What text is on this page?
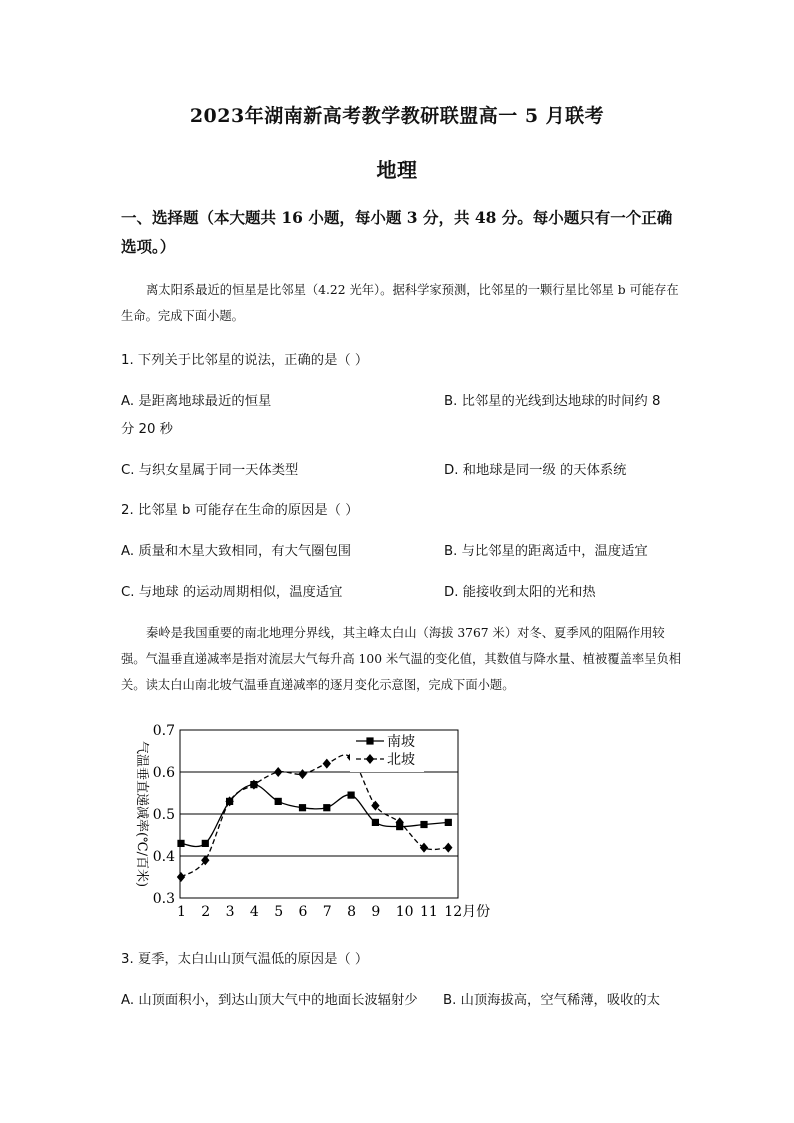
2023年湖南新高考教学教研联盟高一 5 月联考
地理
一、选择题（本大题共 16 小题，每小题 3 分，共 48 分。每小题只有一个正确选项。）
离太阳系最近的恒星是比邻星（4.22 光年）。据科学家预测，比邻星的一颗行星比邻星 b 可能存在生命。完成下面小题。
1. 下列关于比邻星的说法，正确的是（ ）
A. 是距离地球最近的恒星	B. 比邻星的光线到达地球的时间约 8
分 20 秒
C. 与织女星属于同一天体类型	D. 和地球是同一级 的天体系统
2. 比邻星 b 可能存在生命的原因是（ ）
A. 质量和木星大致相同，有大气圈包围	B. 与比邻星的距离适中，温度适宜
C. 与地球 的运动周期相似，温度适宜	D. 能接收到太阳的光和热
秦岭是我国重要的南北地理分界线，其主峰太白山（海拔 3767 米）对冬、夏季风的阻隔作用较强。气温垂直递减率是指对流层大气每升高 100 米气温的变化值，其数值与降水量、植被覆盖率呈负相关。读太白山南北坡气温垂直递减率的逐月变化示意图，完成下面小题。
0.3
0.4
0.5
0.6
0.7
1 2 3 4 5 6 7 8 9 10 11 12月份
气温垂直递减率(℃/百米)	南坡
北坡
3. 夏季，太白山山顶气温低的原因是（ ）
A. 山顶面积小，到达山顶大气中的地面长波辐射少 B. 山顶海拔高，空气稀薄，吸收的太
